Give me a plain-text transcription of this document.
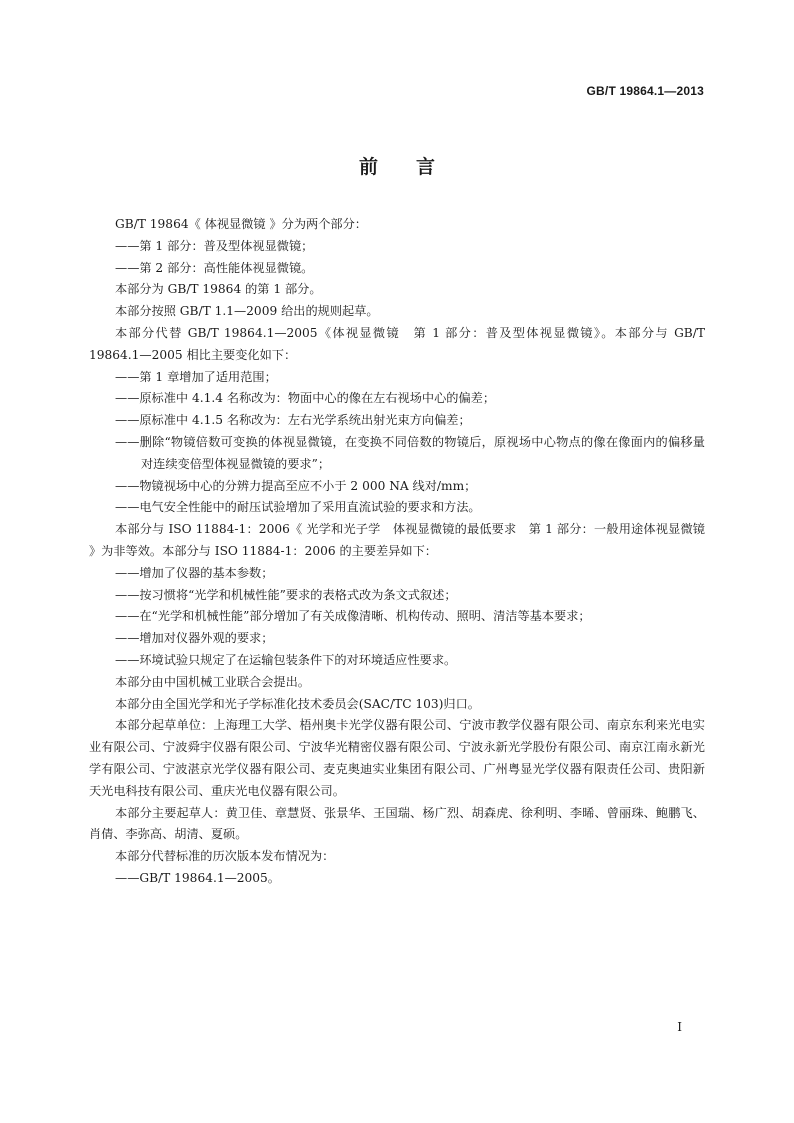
GB/T 19864.1—2013
前言

GB/T 19864《 体视显微镜 》分为两个部分：

——第 1 部分：普及型体视显微镜；

——第 2 部分：高性能体视显微镜。

本部分为 GB/T 19864 的第 1 部分。

本部分按照 GB/T 1.1—2009 给出的规则起草。

本部分代替 GB/T 19864.1—2005《体视显微镜　第 1 部分：普及型体视显微镜》。本部分与 GB/T 19864.1—2005 相比主要变化如下：

——第 1 章增加了适用范围；

——原标准中 4.1.4 名称改为：物面中心的像在左右视场中心的偏差；

——原标准中 4.1.5 名称改为：左右光学系统出射光束方向偏差；

——删除“物镜倍数可变换的体视显微镜，在变换不同倍数的物镜后，原视场中心物点的像在像面内的偏移量对连续变倍型体视显微镜的要求”；

——物镜视场中心的分辨力提高至应不小于 2 000 NA 线对/mm；

——电气安全性能中的耐压试验增加了采用直流试验的要求和方法。

本部分与 ISO 11884-1：2006《 光学和光子学　体视显微镜的最低要求　第 1 部分：一般用途体视显微镜 》为非等效。本部分与 ISO 11884-1：2006 的主要差异如下：

——增加了仪器的基本参数；

——按习惯将“光学和机械性能”要求的表格式改为条文式叙述；

——在“光学和机械性能”部分增加了有关成像清晰、机构传动、照明、清洁等基本要求；

——增加对仪器外观的要求；

——环境试验只规定了在运输包装条件下的对环境适应性要求。

本部分由中国机械工业联合会提出。

本部分由全国光学和光子学标准化技术委员会(SAC/TC 103)归口。

本部分起草单位：上海理工大学、梧州奥卡光学仪器有限公司、宁波市教学仪器有限公司、南京东利来光电实业有限公司、宁波舜宇仪器有限公司、宁波华光精密仪器有限公司、宁波永新光学股份有限公司、南京江南永新光学有限公司、宁波湛京光学仪器有限公司、麦克奥迪实业集团有限公司、广州粤显光学仪器有限责任公司、贵阳新天光电科技有限公司、重庆光电仪器有限公司。

本部分主要起草人：黄卫佳、章慧贤、张景华、王国瑞、杨广烈、胡森虎、徐利明、李晞、曾丽珠、鲍鹏飞、肖倩、李弥高、胡清、夏硕。

本部分代替标准的历次版本发布情况为：

——GB/T 19864.1—2005。

I
